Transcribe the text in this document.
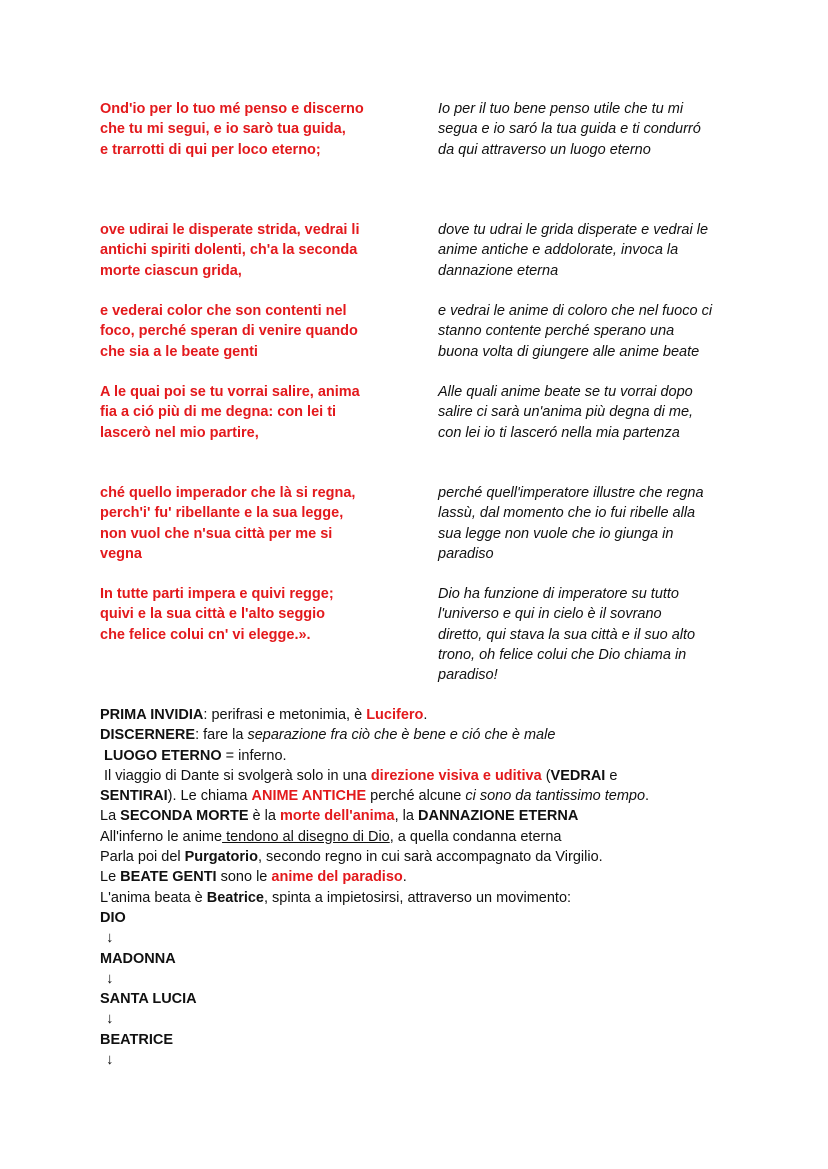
Ond'io per lo tuo mé penso e discerno
che tu mi segui, e io sarò tua guida,
e trarrotti di qui per loco eterno;
Io per il tuo bene penso utile che tu mi
segua e io saró la tua guida e ti condurró
da qui attraverso un luogo eterno
ove udirai le disperate strida, vedrai li
antichi spiriti dolenti, ch'a la seconda
morte ciascun grida,
dove tu udrai le grida disperate e vedrai le
anime antiche e addolorate, invoca la
dannazione eterna
e vederai color che son contenti nel
foco, perché speran di venire quando
che sia a le beate genti
e vedrai le anime di coloro che nel fuoco ci
stanno contente perché sperano una
buona volta di giungere alle anime beate
A le quai poi se tu vorrai salire, anima
fia a ció più di me degna: con lei ti
lascerò nel mio partire,
Alle quali anime beate se tu vorrai dopo
salire ci sarà un'anima più degna di me,
con lei io ti lasceró nella mia partenza
ché quello imperador che là si regna,
perch'i' fu' ribellante e la sua legge,
non vuol che n'sua città per me si
vegna
perché quell'imperatore illustre che regna
lassù, dal momento che io fui ribelle alla
sua legge non vuole che io giunga in
paradiso
In tutte parti impera e quivi regge;
quivi e la sua città e l'alto seggio
che felice colui cn' vi elegge.».
Dio ha funzione di imperatore su tutto
l'universo e qui in cielo è il sovrano
diretto, qui stava la sua città e il suo alto
trono, oh felice colui che Dio chiama in
paradiso!

PRIMA INVIDIA: perifrasi e metonimia, è Lucifero.

DISCERNERE: fare la separazione fra ciò che è bene e ció che è male

LUOGO ETERNO = inferno.

Il viaggio di Dante si svolgerà solo in una direzione visiva e uditiva (VEDRAI e

SENTIRAI). Le chiama ANIME ANTICHE perché alcune ci sono da tantissimo tempo.

La SECONDA MORTE è la morte dell'anima, la DANNAZIONE ETERNA

All'inferno le anime tendono al disegno di Dio, a quella condanna eterna

Parla poi del Purgatorio, secondo regno in cui sarà accompagnato da Virgilio.

Le BEATE GENTI sono le anime del paradiso.

L'anima beata è Beatrice, spinta a impietosirsi, attraverso un movimento:

DIO

↓

MADONNA

↓

SANTA LUCIA

↓

BEATRICE

↓
